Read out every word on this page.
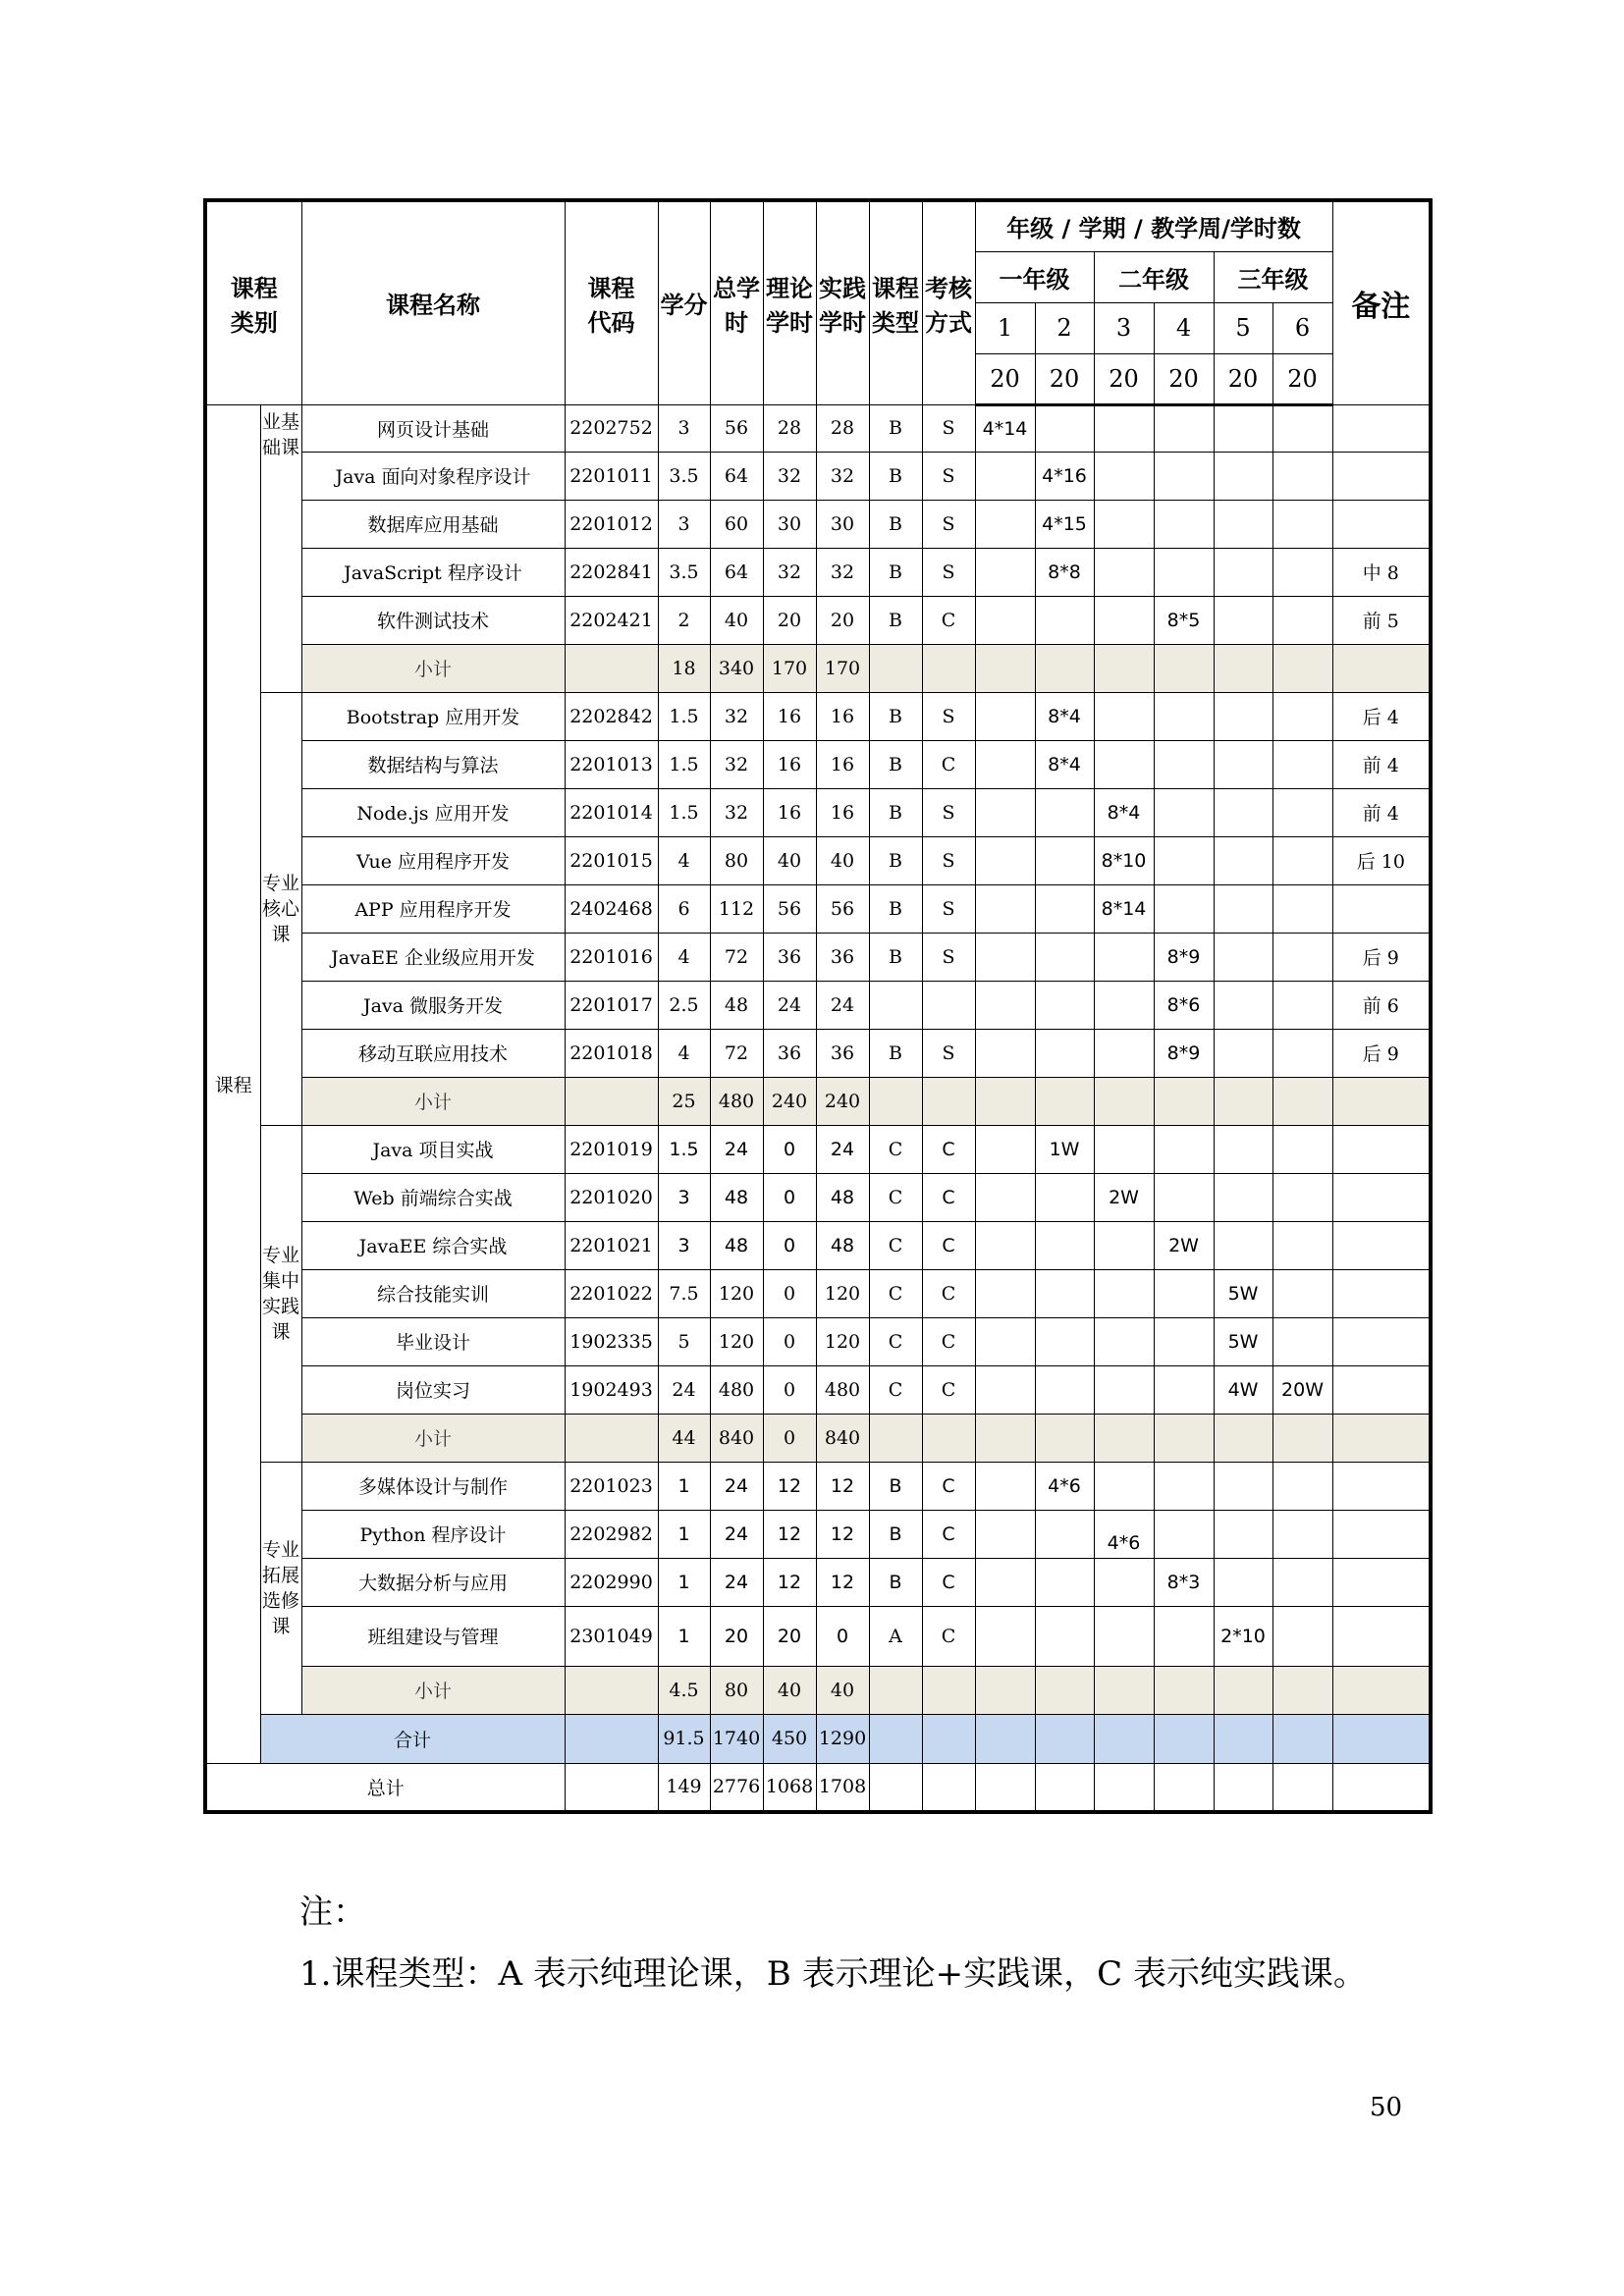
课程类别		课程名称	课程代码	学分	总学时	理论学时	实践学时	课程类型	考核方式	年级 / 学期 / 教学周/学时数						备注
										一年级		二年级		三年级		
										1	2	3	4	5	6	
										20	20	20	20	20	20	
课程	业基础课	网页设计基础	2202752	3	56	28	28	B	S	4*14						
		Java 面向对象程序设计	2201011	3.5	64	32	32	B	S		4*16					
		数据库应用基础	2201012	3	60	30	30	B	S		4*15					
		JavaScript 程序设计	2202841	3.5	64	32	32	B	S		8*8					中 8
		软件测试技术	2202421	2	40	20	20	B	C				8*5			前 5
		小计		18	340	170	170									
	专业核心课	Bootstrap 应用开发	2202842	1.5	32	16	16	B	S		8*4					后 4
		数据结构与算法	2201013	1.5	32	16	16	B	C		8*4					前 4
		Node.js 应用开发	2201014	1.5	32	16	16	B	S			8*4				前 4
		Vue 应用程序开发	2201015	4	80	40	40	B	S			8*10				后 10
		APP 应用程序开发	2402468	6	112	56	56	B	S			8*14				
		JavaEE 企业级应用开发	2201016	4	72	36	36	B	S				8*9			后 9
		Java 微服务开发	2201017	2.5	48	24	24						8*6			前 6
		移动互联应用技术	2201018	4	72	36	36	B	S				8*9			后 9
		小计		25	480	240	240									
	专业集中实践课	Java 项目实战	2201019	1.5	24	0	24	C	C		1W					
		Web 前端综合实战	2201020	3	48	0	48	C	C			2W				
		JavaEE 综合实战	2201021	3	48	0	48	C	C				2W			
		综合技能实训	2201022	7.5	120	0	120	C	C					5W		
		毕业设计	1902335	5	120	0	120	C	C					5W		
		岗位实习	1902493	24	480	0	480	C	C					4W	20W	
		小计		44	840	0	840									
	专业拓展选修课	多媒体设计与制作	2201023	1	24	12	12	B	C		4*6					
		Python 程序设计	2202982	1	24	12	12	B	C			4*6				
		大数据分析与应用	2202990	1	24	12	12	B	C				8*3			
		班组建设与管理	2301049	1	20	20	0	A	C					2*10		
		小计		4.5	80	40	40									
	合计			91.5	1740	450	1290									
总计				149	2776	1068	1708									
注：
1.课程类型：A 表示纯理论课，B 表示理论+实践课，C 表示纯实践课。
50
